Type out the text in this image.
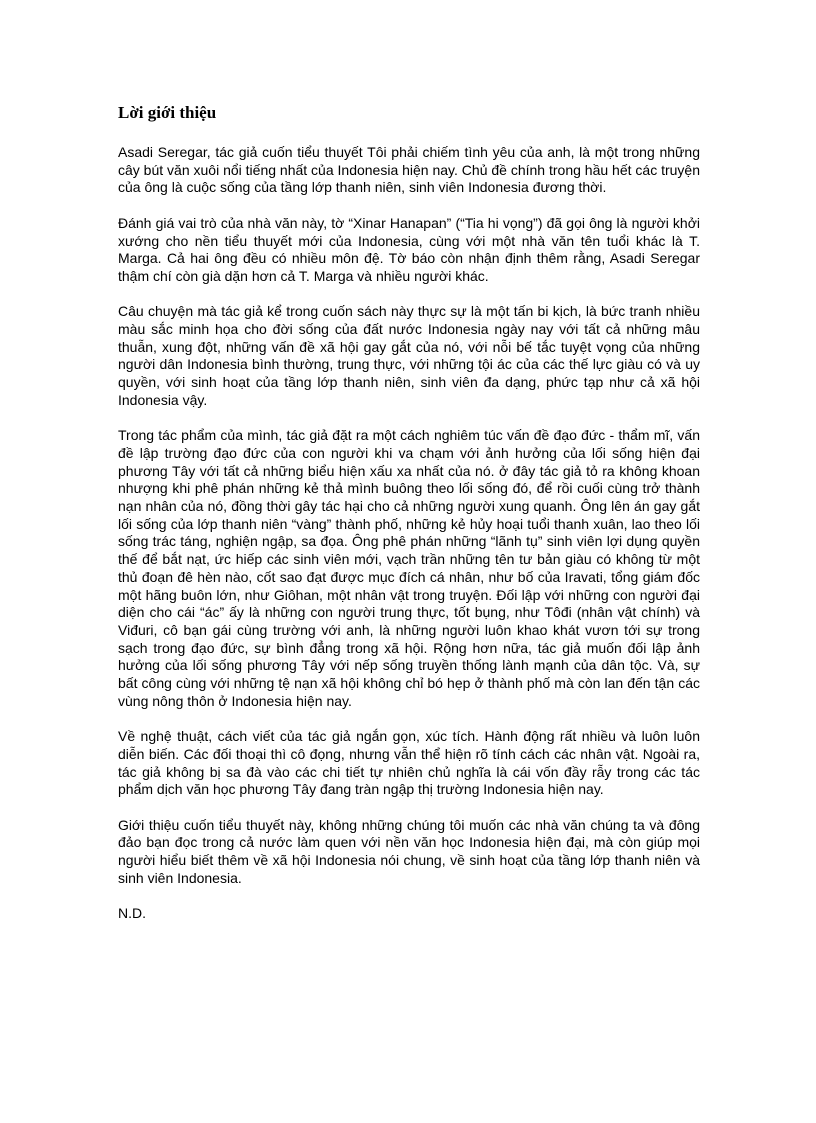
Lời giới thiệu

Asadi Seregar, tác giả cuốn tiểu thuyết Tôi phải chiếm tình yêu của anh, là một trong những cây bút văn xuôi nổi tiếng nhất của Indonesia hiện nay. Chủ đề chính trong hầu hết các truyện của ông là cuộc sống của tầng lớp thanh niên, sinh viên Indonesia đương thời.

Đánh giá vai trò của nhà văn này, tờ “Xinar Hanapan” (“Tia hi vọng”) đã gọi ông là người khởi xướng cho nền tiểu thuyết mới của Indonesia, cùng với một nhà văn tên tuổi khác là T. Marga. Cả hai ông đều có nhiều môn đệ. Tờ báo còn nhận định thêm rằng, Asadi Seregar thậm chí còn già dặn hơn cả T. Marga và nhiều người khác.

Câu chuyện mà tác giả kể trong cuốn sách này thực sự là một tấn bi kịch, là bức tranh nhiều màu sắc minh họa cho đời sống của đất nước Indonesia ngày nay với tất cả những mâu thuẫn, xung đột, những vấn đề xã hội gay gắt của nó, với nỗi bế tắc tuyệt vọng của những người dân Indonesia bình thường, trung thực, với những tội ác của các thế lực giàu có và uy quyền, với sinh hoạt của tầng lớp thanh niên, sinh viên đa dạng, phức tạp như cả xã hội Indonesia vậy.

Trong tác phẩm của mình, tác giả đặt ra một cách nghiêm túc vấn đề đạo đức - thẩm mĩ, vấn đề lập trường đạo đức của con người khi va chạm với ảnh hưởng của lối sống hiện đại phương Tây với tất cả những biểu hiện xấu xa nhất của nó. ở đây tác giả tỏ ra không khoan nhượng khi phê phán những kẻ thả mình buông theo lối sống đó, để rồi cuối cùng trở thành nạn nhân của nó, đồng thời gây tác hại cho cả những người xung quanh. Ông lên án gay gắt lối sống của lớp thanh niên “vàng” thành phố, những kẻ hủy hoại tuổi thanh xuân, lao theo lối sống trác táng, nghiện ngập, sa đọa. Ông phê phán những “lãnh tụ” sinh viên lợi dụng quyền thế để bắt nạt, ức hiếp các sinh viên mới, vạch trần những tên tư bản giàu có không từ một thủ đoạn đê hèn nào, cốt sao đạt được mục đích cá nhân, như bố của Iravati, tổng giám đốc một hãng buôn lớn, như Giôhan, một nhân vật trong truyện. Đối lập với những con người đại diện cho cái “ác” ấy là những con người trung thực, tốt bụng, như Tôđi (nhân vật chính) và Viđuri, cô bạn gái cùng trường với anh, là những người luôn khao khát vươn tới sự trong sạch trong đạo đức, sự bình đẳng trong xã hội. Rộng hơn nữa, tác giả muốn đối lập ảnh hưởng của lối sống phương Tây với nếp sống truyền thống lành mạnh của dân tộc. Và, sự bất công cùng với những tệ nạn xã hội không chỉ bó hẹp ở thành phố mà còn lan đến tận các vùng nông thôn ở Indonesia hiện nay.

Về nghệ thuật, cách viết của tác giả ngắn gọn, xúc tích. Hành động rất nhiều và luôn luôn diễn biến. Các đối thoại thì cô đọng, nhưng vẫn thể hiện rõ tính cách các nhân vật. Ngoài ra, tác giả không bị sa đà vào các chi tiết tự nhiên chủ nghĩa là cái vốn đầy rẫy trong các tác phẩm dịch văn học phương Tây đang tràn ngập thị trường Indonesia hiện nay.

Giới thiệu cuốn tiểu thuyết này, không những chúng tôi muốn các nhà văn chúng ta và đông đảo bạn đọc trong cả nước làm quen với nền văn học Indonesia hiện đại, mà còn giúp mọi người hiểu biết thêm về xã hội Indonesia nói chung, về sinh hoạt của tầng lớp thanh niên và sinh viên Indonesia.

N.D.
